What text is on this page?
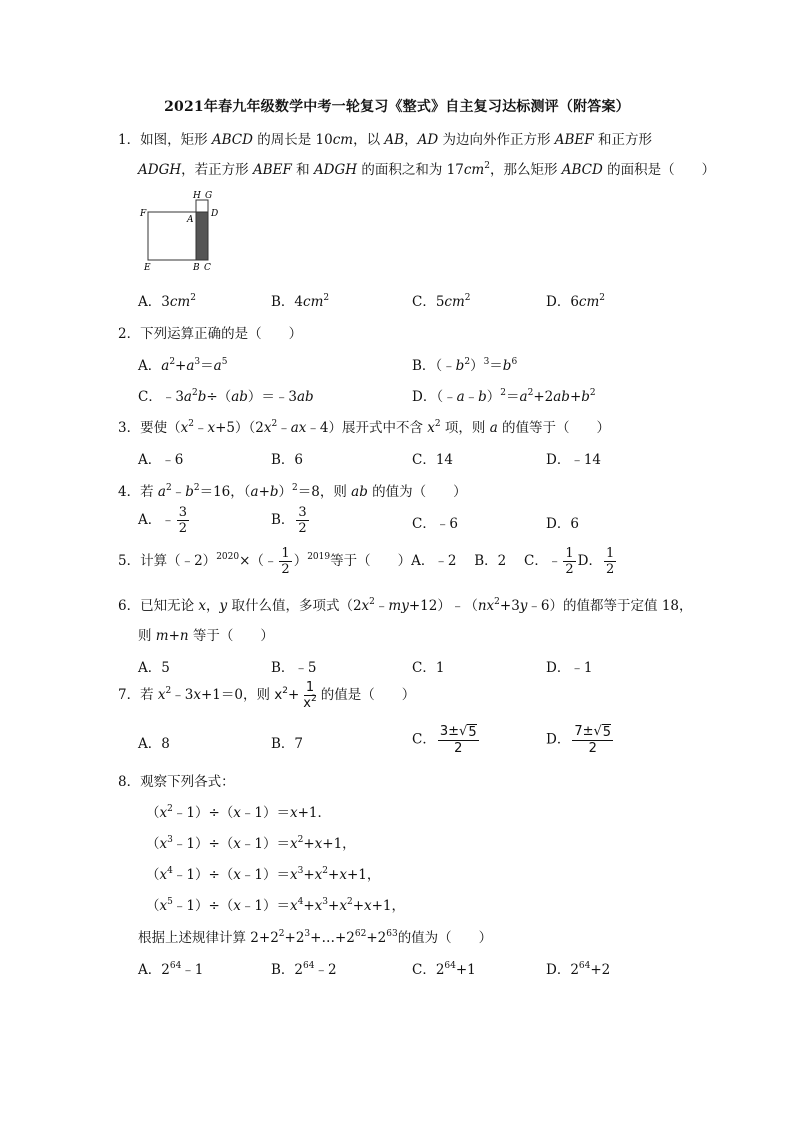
2021年春九年级数学中考一轮复习《整式》自主复习达标测评（附答案）
1．如图，矩形 ABCD 的周长是 10cm，以 AB，AD 为边向外作正方形 ABEF 和正方形
ADGH，若正方形 ABEF 和 ADGH 的面积之和为 $17cm^2$，那么矩形 ABCD 的面积是（　　）
H G
F
A
D
E	B C
A．$3cm^2$	B．$4cm^2$	C．$5cm^2$	D．$6cm^2$
2．下列运算正确的是（　　）
A．$a^2+a^3=a^5$	B．$(﹣b^2)^3=b^6$
C．$﹣3a^2b\div(ab)=﹣3ab$	D．$(﹣a﹣b)^2=a^2+2ab+b^2$
3．要使$(x^2﹣x+5)(2x^2﹣ax﹣4)$展开式中不含 $x^2$ 项，则 a 的值等于（　　）
A．﹣6	B．6	C．14	D．﹣14
4．若 $a^2﹣b^2=16$，$(a+b)^2=8$，则 ab 的值为（　　）
A．﹣ $\frac{3}{2}$	B． $\frac{3}{2}$	C．﹣6	D．6
5．计算（﹣2）$^{2020}$×（﹣ $\frac{1}{2} )^{2019}$等于（　　）A．﹣2　 B．2　 C．﹣ $\frac{1}{2}$ D． $\frac{1}{2}$
6．已知无论 x，y 取什么值，多项式$(2x^2﹣my+12)﹣(nx^2+3y﹣6)$的值都等于定值 18，
则 m+n 等于（　　）
A．5	B．﹣5	C．1	D．﹣1
7．若 $x^2﹣3x+1=0$，则 $x^2+ \frac{1}{x^2}$ 的值是（　　）
A．8	B．7	C． $\frac{3\pm√ 5}{2}$	D． $\frac{7\pm√ 5}{2}$
8．观察下列各式：
$(x^2﹣1)\div(x﹣1)=x+1$．
$(x^3﹣1)\div(x﹣1)=x^2+x+1$，
$(x^4﹣1)\div(x﹣1)=x^3+x^2+x+1$，
$(x^5﹣1)\div(x﹣1)=x^4+x^3+x^2+x+1$，
根据上述规律计算 $2+2^2+2^3+\dots+2^{62}+2^{63}$的值为（　　）
A．$2^{64}﹣1$	B．$2^{64}﹣2$	C．$2^{64}+1$	D．$2^{64}+2$
